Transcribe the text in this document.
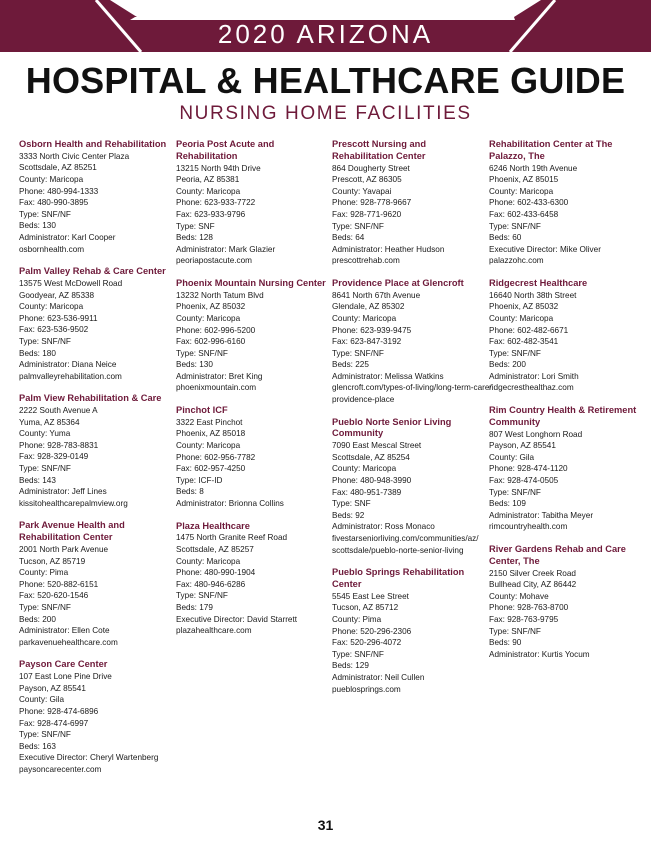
2020 ARIZONA
HOSPITAL & HEALTHCARE GUIDE
NURSING HOME FACILITIES
Osborn Health and Rehabilitation
3333 North Civic Center Plaza
Scottsdale, AZ 85251
County: Maricopa
Phone: 480-994-1333
Fax: 480-990-3895
Type: SNF/NF
Beds: 130
Administrator: Karl Cooper
osbornhealth.com
Palm Valley Rehab & Care Center
13575 West McDowell Road
Goodyear, AZ 85338
County: Maricopa
Phone: 623-536-9911
Fax: 623-536-9502
Type: SNF/NF
Beds: 180
Administrator: Diana Neice
palmvalleyrehabilitation.com
Palm View Rehabilitation & Care
2222 South Avenue A
Yuma, AZ 85364
County: Yuma
Phone: 928-783-8831
Fax: 928-329-0149
Type: SNF/NF
Beds: 143
Administrator: Jeff Lines
kissitohealthcarepalmview.org
Park Avenue Health and Rehabilitation Center
2001 North Park Avenue
Tucson, AZ 85719
County: Pima
Phone: 520-882-6151
Fax: 520-620-1546
Type: SNF/NF
Beds: 200
Administrator: Ellen Cote
parkavenuehealthcare.com
Payson Care Center
107 East Lone Pine Drive
Payson, AZ 85541
County: Gila
Phone: 928-474-6896
Fax: 928-474-6997
Type: SNF/NF
Beds: 163
Executive Director: Cheryl Wartenberg
paysoncarecenter.com
Peoria Post Acute and Rehabilitation
13215 North 94th Drive
Peoria, AZ 85381
County: Maricopa
Phone: 623-933-7722
Fax: 623-933-9796
Type: SNF
Beds: 128
Administrator: Mark Glazier
peoriapostacute.com
Phoenix Mountain Nursing Center
13232 North Tatum Blvd
Phoenix, AZ 85032
County: Maricopa
Phone: 602-996-5200
Fax: 602-996-6160
Type: SNF/NF
Beds: 130
Administrator: Bret King
phoenixmountain.com
Pinchot ICF
3322 East Pinchot
Phoenix, AZ 85018
County: Maricopa
Phone: 602-956-7782
Fax: 602-957-4250
Type: ICF-ID
Beds: 8
Administrator: Brionna Collins
Plaza Healthcare
1475 North Granite Reef Road
Scottsdale, AZ 85257
County: Maricopa
Phone: 480-990-1904
Fax: 480-946-6286
Type: SNF/NF
Beds: 179
Executive Director: David Starrett
plazahealthcare.com
Prescott Nursing and Rehabilitation Center
864 Dougherty Street
Prescott, AZ 86305
County: Yavapai
Phone: 928-778-9667
Fax: 928-771-9620
Type: SNF/NF
Beds: 64
Administrator: Heather Hudson
prescottrehab.com
Providence Place at Glencroft
8641 North 67th Avenue
Glendale, AZ 85302
County: Maricopa
Phone: 623-939-9475
Fax: 623-847-3192
Type: SNF/NF
Beds: 225
Administrator: Melissa Watkins
glencroft.com/types-of-living/long-term-care/
providence-place
Pueblo Norte Senior Living Community
7090 East Mescal Street
Scottsdale, AZ 85254
County: Maricopa
Phone: 480-948-3990
Fax: 480-951-7389
Type: SNF
Beds: 92
Administrator: Ross Monaco
fivestarseniorliving.com/communities/az/
scottsdale/pueblo-norte-senior-living
Pueblo Springs Rehabilitation Center
5545 East Lee Street
Tucson, AZ 85712
County: Pima
Phone: 520-296-2306
Fax: 520-296-4072
Type: SNF/NF
Beds: 129
Administrator: Neil Cullen
pueblosprings.com
Rehabilitation Center at The Palazzo, The
6246 North 19th Avenue
Phoenix, AZ 85015
County: Maricopa
Phone: 602-433-6300
Fax: 602-433-6458
Type: SNF/NF
Beds: 60
Executive Director: Mike Oliver
palazzohc.com
Ridgecrest Healthcare
16640 North 38th Street
Phoenix, AZ 85032
County: Maricopa
Phone: 602-482-6671
Fax: 602-482-3541
Type: SNF/NF
Beds: 200
Administrator: Lori Smith
ridgecresthealthaz.com
Rim Country Health & Retirement Community
807 West Longhorn Road
Payson, AZ 85541
County: Gila
Phone: 928-474-1120
Fax: 928-474-0505
Type: SNF/NF
Beds: 109
Administrator: Tabitha Meyer
rimcountryhealth.com
River Gardens Rehab and Care Center, The
2150 Silver Creek Road
Bullhead City, AZ 86442
County: Mohave
Phone: 928-763-8700
Fax: 928-763-9795
Type: SNF/NF
Beds: 90
Administrator: Kurtis Yocum
31
